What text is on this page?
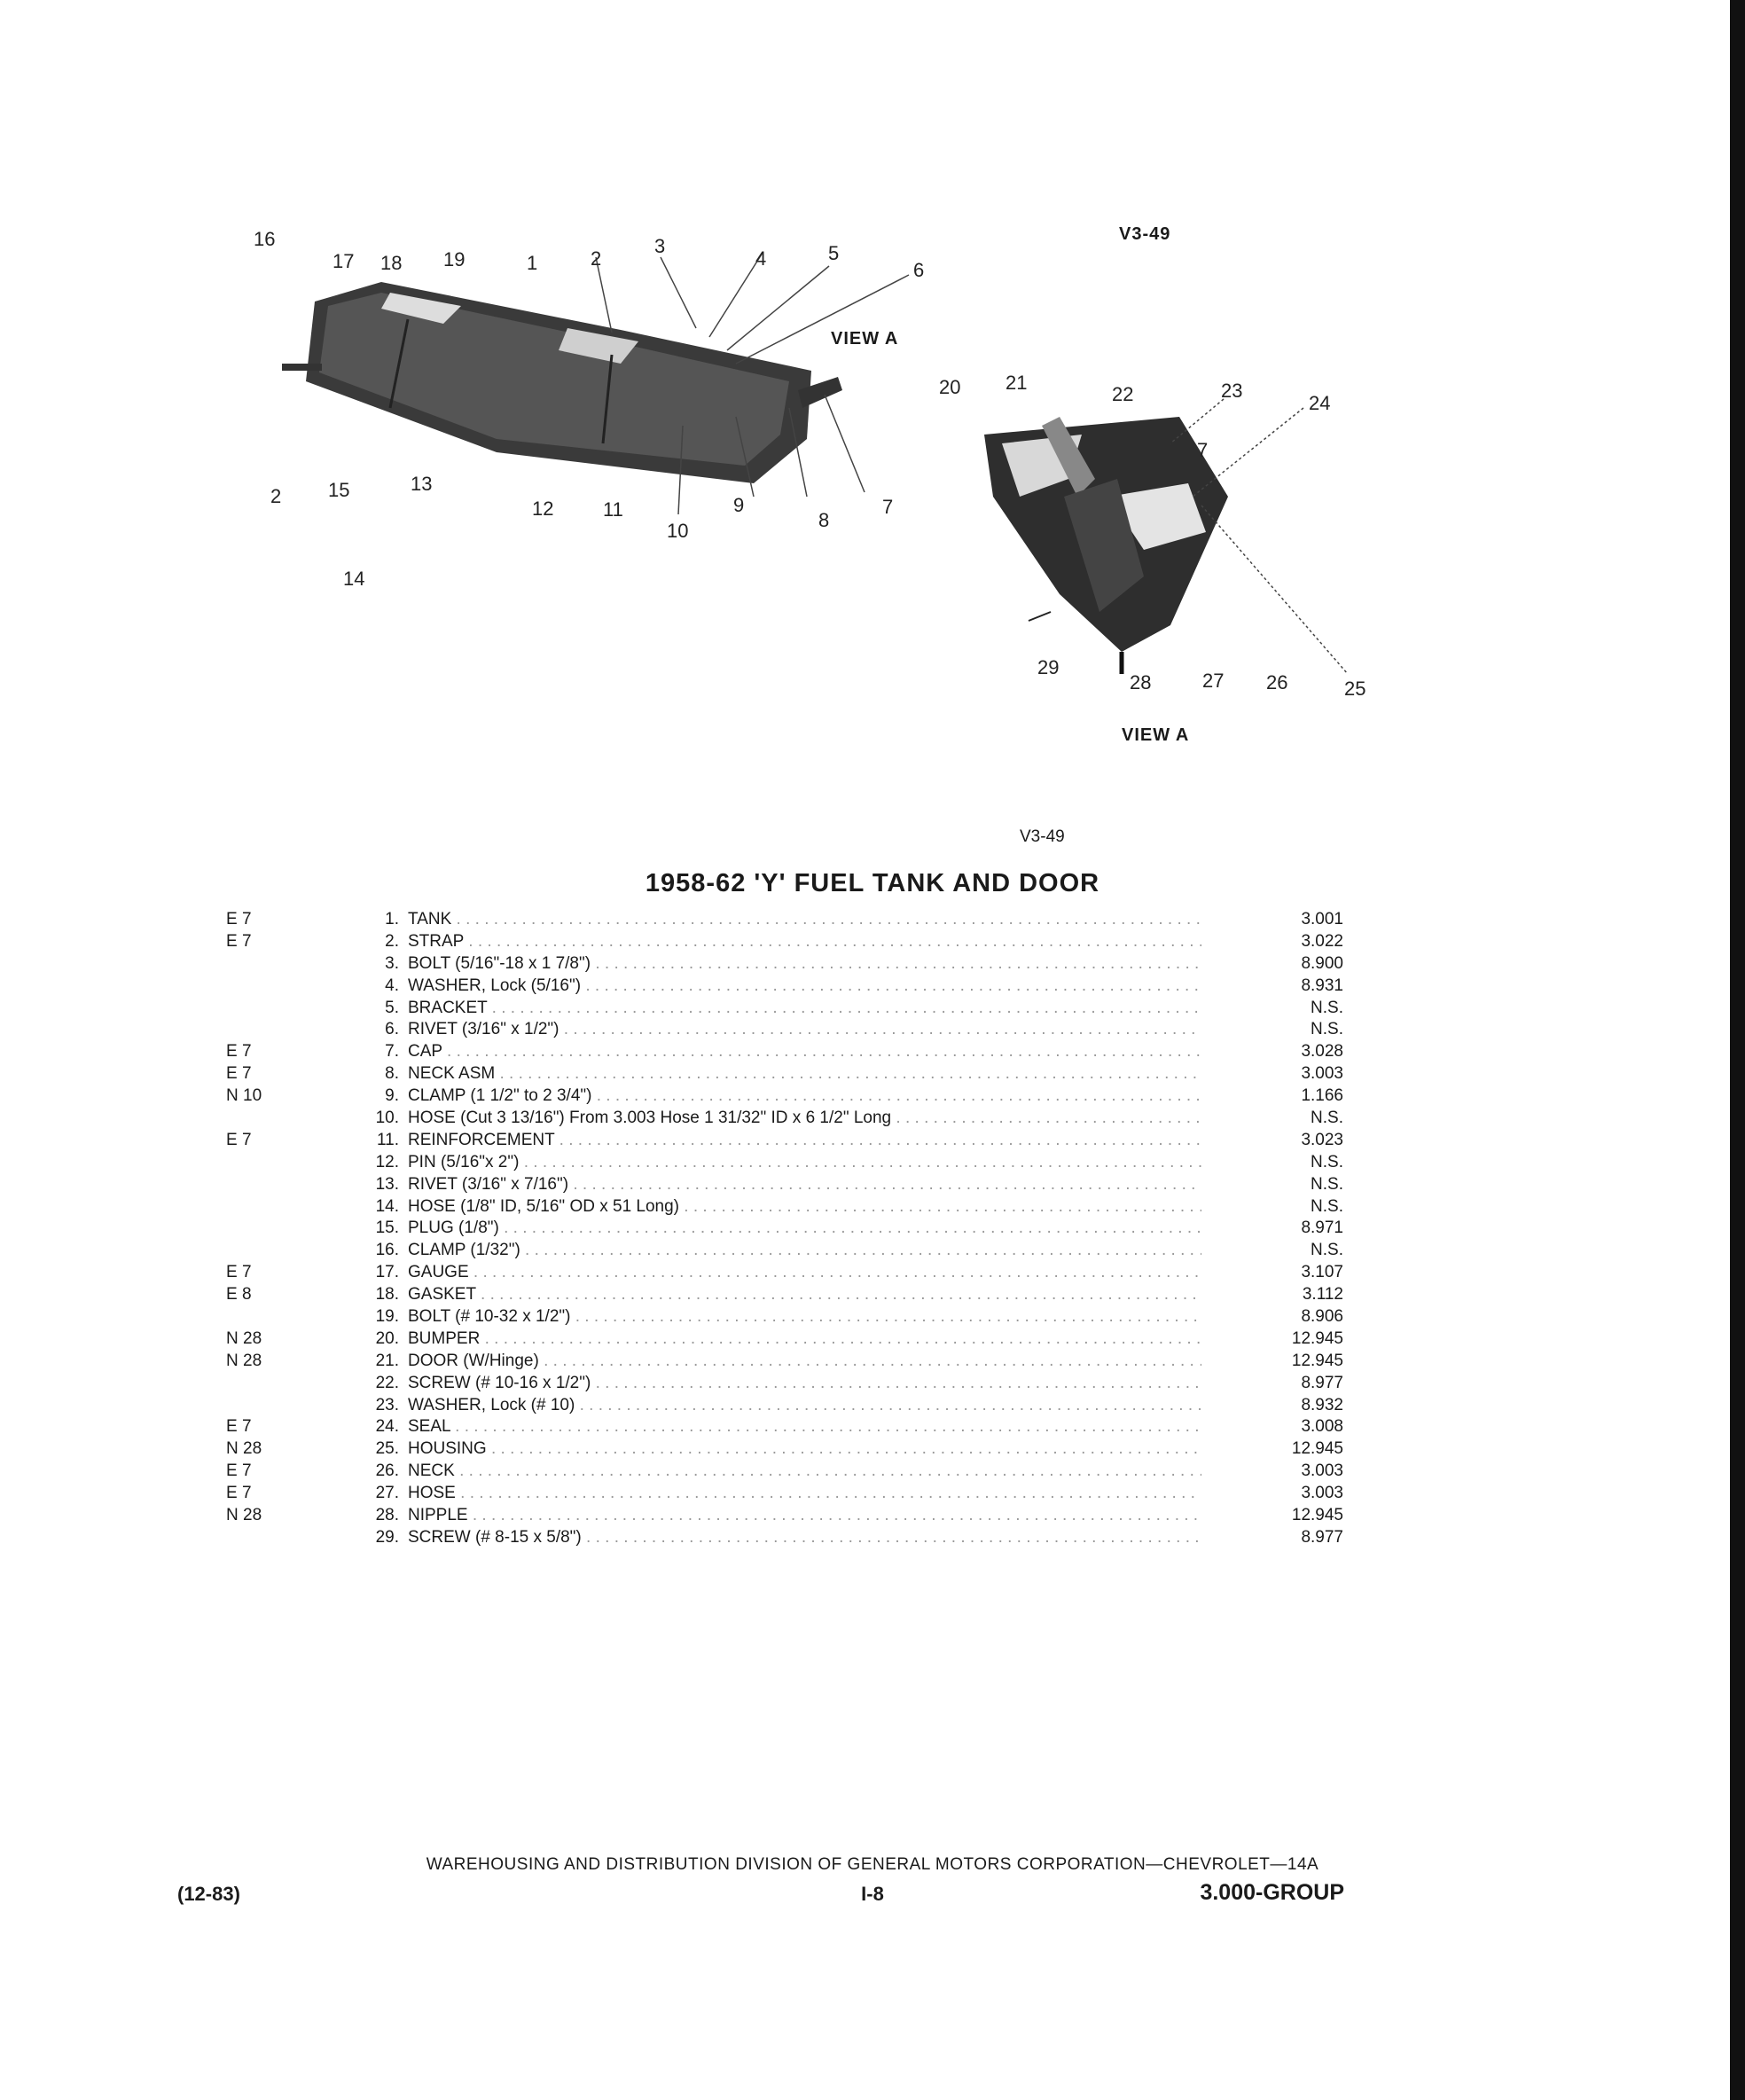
16
17 18 19	1	2
3
4	5
6
2 15	13
12	11
10
9
8
7
14
V3-49
VIEW A
20 21
22	23
24
7
29
28	27 26	25
VIEW A
V3-49
1958-62 'Y' FUEL TANK AND DOOR
E 7	1. TANK . . .	3.001
E 7	2. STRAP . . .	3.022
3. BOLT (5/16"-18 x 1 7/8") . . .	8.900
4. WASHER, Lock (5/16") . . .	8.931
5. BRACKET . . .	N.S.
6. RIVET (3/16" x 1/2") . . .	N.S.
E 7	7. CAP . . .	3.028
E 7	8. NECK ASM . . .	3.003
N 10	9. CLAMP (1 1/2" to 2 3/4") . . .	1.166
10. HOSE (Cut 3 13/16") From 3.003 Hose 1 31/32" ID x 6 1/2" Long . . .	N.S.
E 7	11. REINFORCEMENT . . .	3.023
12. PIN (5/16"x 2") . . .	N.S.
13. RIVET (3/16" x 7/16") . . .	N.S.
14. HOSE (1/8" ID, 5/16" OD x 51 Long) . . .	N.S.
15. PLUG (1/8") . . .	8.971
16. CLAMP (1/32") . . .	N.S.
E 7	17. GAUGE . . .	3.107
E 8	18. GASKET . . .	3.112
19. BOLT (# 10-32 x 1/2") . . .	8.906
N 28	20. BUMPER . . .	12.945
N 28	21. DOOR (W/Hinge) . . .	12.945
22. SCREW (# 10-16 x 1/2") . . .	8.977
23. WASHER, Lock (# 10) . . .	8.932
E 7	24. SEAL . . .	3.008
N 28	25. HOUSING . . .	12.945
E 7	26. NECK . . .	3.003
E 7	27. HOSE . . .	3.003
N 28	28. NIPPLE . . .	12.945
29. SCREW (# 8-15 x 5/8") . . .	8.977
WAREHOUSING AND DISTRIBUTION DIVISION OF GENERAL MOTORS CORPORATION—CHEVROLET—14A
(12-83)	I-8	3.000-GROUP
